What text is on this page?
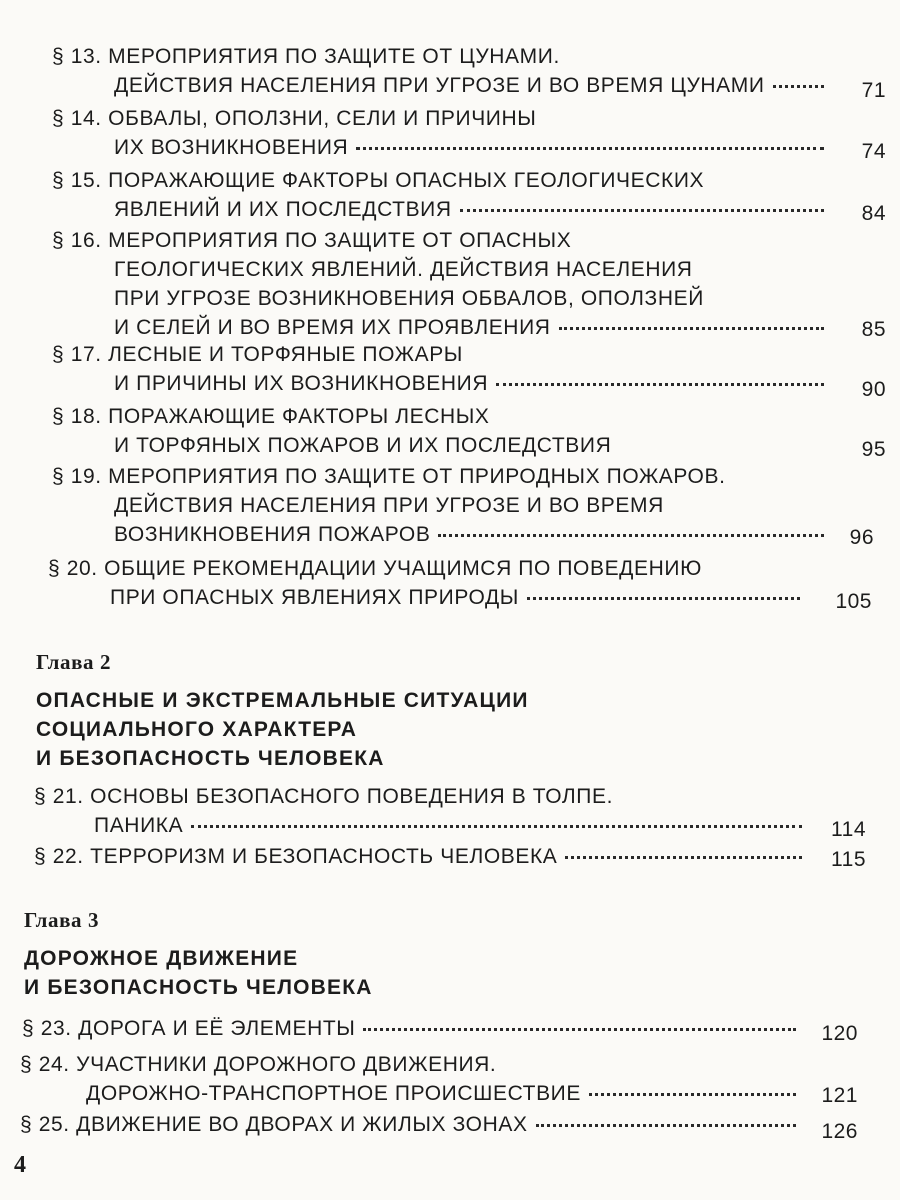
§ 13. МЕРОПРИЯТИЯ ПО ЗАЩИТЕ ОТ ЦУНАМИ.
ДЕЙСТВИЯ НАСЕЛЕНИЯ ПРИ УГРОЗЕ И ВО ВРЕМЯ ЦУНАМИ	71
§ 14. ОБВАЛЫ, ОПОЛЗНИ, СЕЛИ И ПРИЧИНЫ
ИХ ВОЗНИКНОВЕНИЯ	74
§ 15. ПОРАЖАЮЩИЕ ФАКТОРЫ ОПАСНЫХ ГЕОЛОГИЧЕСКИХ
ЯВЛЕНИЙ И ИХ ПОСЛЕДСТВИЯ	84
§ 16. МЕРОПРИЯТИЯ ПО ЗАЩИТЕ ОТ ОПАСНЫХ
ГЕОЛОГИЧЕСКИХ ЯВЛЕНИЙ. ДЕЙСТВИЯ НАСЕЛЕНИЯ
ПРИ УГРОЗЕ ВОЗНИКНОВЕНИЯ ОБВАЛОВ, ОПОЛЗНЕЙ
И СЕЛЕЙ И ВО ВРЕМЯ ИХ ПРОЯВЛЕНИЯ	85
§ 17. ЛЕСНЫЕ И ТОРФЯНЫЕ ПОЖАРЫ
И ПРИЧИНЫ ИХ ВОЗНИКНОВЕНИЯ	90
§ 18. ПОРАЖАЮЩИЕ ФАКТОРЫ ЛЕСНЫХ
И ТОРФЯНЫХ ПОЖАРОВ И ИХ ПОСЛЕДСТВИЯ	95
§ 19. МЕРОПРИЯТИЯ ПО ЗАЩИТЕ ОТ ПРИРОДНЫХ ПОЖАРОВ.
ДЕЙСТВИЯ НАСЕЛЕНИЯ ПРИ УГРОЗЕ И ВО ВРЕМЯ
ВОЗНИКНОВЕНИЯ ПОЖАРОВ	96
§ 20. ОБЩИЕ РЕКОМЕНДАЦИИ УЧАЩИМСЯ ПО ПОВЕДЕНИЮ
ПРИ ОПАСНЫХ ЯВЛЕНИЯХ ПРИРОДЫ	105
Глава 2
ОПАСНЫЕ И ЭКСТРЕМАЛЬНЫЕ СИТУАЦИИ
СОЦИАЛЬНОГО ХАРАКТЕРА
И БЕЗОПАСНОСТЬ ЧЕЛОВЕКА
§ 21. ОСНОВЫ БЕЗОПАСНОГО ПОВЕДЕНИЯ В ТОЛПЕ.
ПАНИКА	114
§ 22. ТЕРРОРИЗМ И БЕЗОПАСНОСТЬ ЧЕЛОВЕКА	115
Глава 3
ДОРОЖНОЕ ДВИЖЕНИЕ
И БЕЗОПАСНОСТЬ ЧЕЛОВЕКА
§ 23. ДОРОГА И ЕЁ ЭЛЕМЕНТЫ	120
§ 24. УЧАСТНИКИ ДОРОЖНОГО ДВИЖЕНИЯ.
ДОРОЖНО-ТРАНСПОРТНОЕ ПРОИСШЕСТВИЕ	121
§ 25. ДВИЖЕНИЕ ВО ДВОРАХ И ЖИЛЫХ ЗОНАХ	126
4
